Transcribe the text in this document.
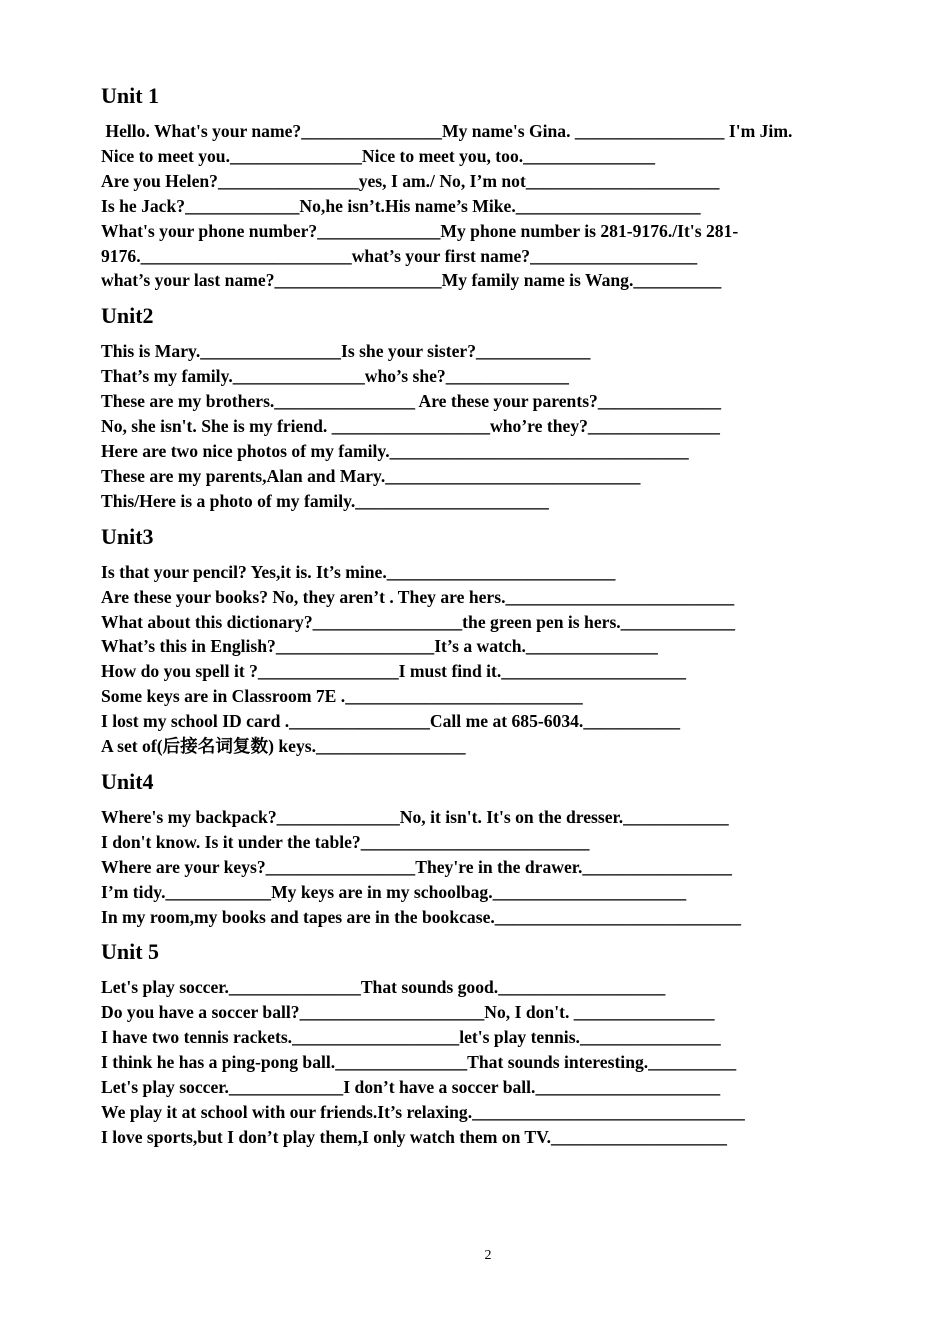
Unit 1
Hello. What's your name?________________My name's Gina. _________________ I'm Jim.
Nice to meet you._______________Nice to meet you, too._______________
Are you Helen?________________yes, I am./ No, I’m not______________________
Is he Jack?_____________No,he isn’t.His name’s Mike._____________________
What's your phone number?______________My phone number is 281-9176./It's 281-
9176.________________________what’s your first name?___________________
what’s your last name?___________________My family name is Wang.__________
Unit2
This is Mary.________________Is she your sister?_____________
That’s my family._______________who’s she?______________
These are my brothers.________________ Are these your parents?______________
No, she isn't. She is my friend. __________________who’re they?_______________
Here are two nice photos of my family.__________________________________
These are my parents,Alan and Mary._____________________________
This/Here is a photo of my family.______________________
Unit3
Is that your pencil? Yes,it is. It’s mine.__________________________
Are these your books? No, they aren’t . They are hers.__________________________
What about this dictionary?_________________the green pen is hers._____________
What’s this in English?__________________It’s a watch._______________
How do you spell it ?________________I must find it._____________________
Some keys are in Classroom 7E .___________________________
I lost my school ID card .________________Call me at 685-6034.___________
A set of(后接名词复数) keys._________________
Unit4
Where's my backpack?______________No, it isn't. It's on the dresser.____________
I don't know. Is it under the table?__________________________
Where are your keys?_________________They're in the drawer._________________
I’m tidy.____________My keys are in my schoolbag.______________________
In my room,my books and tapes are in the bookcase.____________________________
Unit 5
Let's play soccer._______________That sounds good.___________________
Do you have a soccer ball?_____________________No, I don't. ________________
I have two tennis rackets.___________________let's play tennis.________________
I think he has a ping-pong ball._______________That sounds interesting.__________
Let's play soccer._____________I don’t have a soccer ball._____________________
We play it at school with our friends.It’s relaxing._______________________________
I love sports,but I don’t play them,I only watch them on TV.____________________
2
